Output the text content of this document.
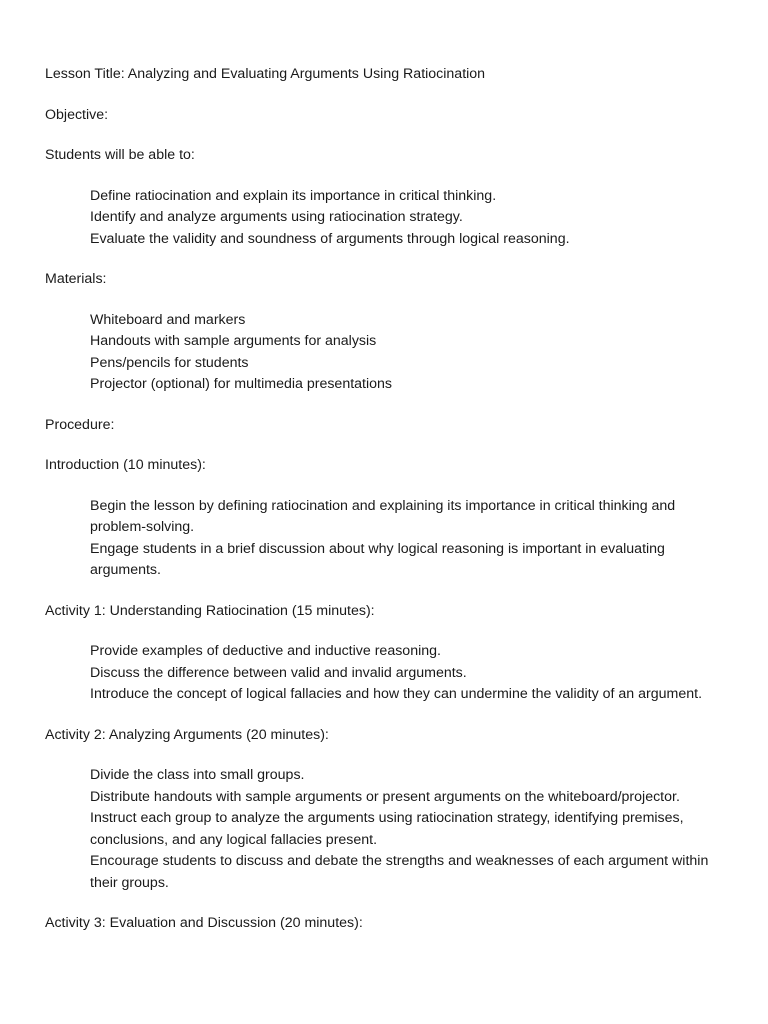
Lesson Title: Analyzing and Evaluating Arguments Using Ratiocination

Objective:

Students will be able to:

Define ratiocination and explain its importance in critical thinking.
Identify and analyze arguments using ratiocination strategy.
Evaluate the validity and soundness of arguments through logical reasoning.

Materials:

Whiteboard and markers
Handouts with sample arguments for analysis
Pens/pencils for students
Projector (optional) for multimedia presentations

Procedure:

Introduction (10 minutes):

Begin the lesson by defining ratiocination and explaining its importance in critical thinking and problem-solving.
Engage students in a brief discussion about why logical reasoning is important in evaluating arguments.

Activity 1: Understanding Ratiocination (15 minutes):

Provide examples of deductive and inductive reasoning.
Discuss the difference between valid and invalid arguments.
Introduce the concept of logical fallacies and how they can undermine the validity of an argument.

Activity 2: Analyzing Arguments (20 minutes):

Divide the class into small groups.
Distribute handouts with sample arguments or present arguments on the whiteboard/projector.
Instruct each group to analyze the arguments using ratiocination strategy, identifying premises, conclusions, and any logical fallacies present.
Encourage students to discuss and debate the strengths and weaknesses of each argument within their groups.

Activity 3: Evaluation and Discussion (20 minutes):
